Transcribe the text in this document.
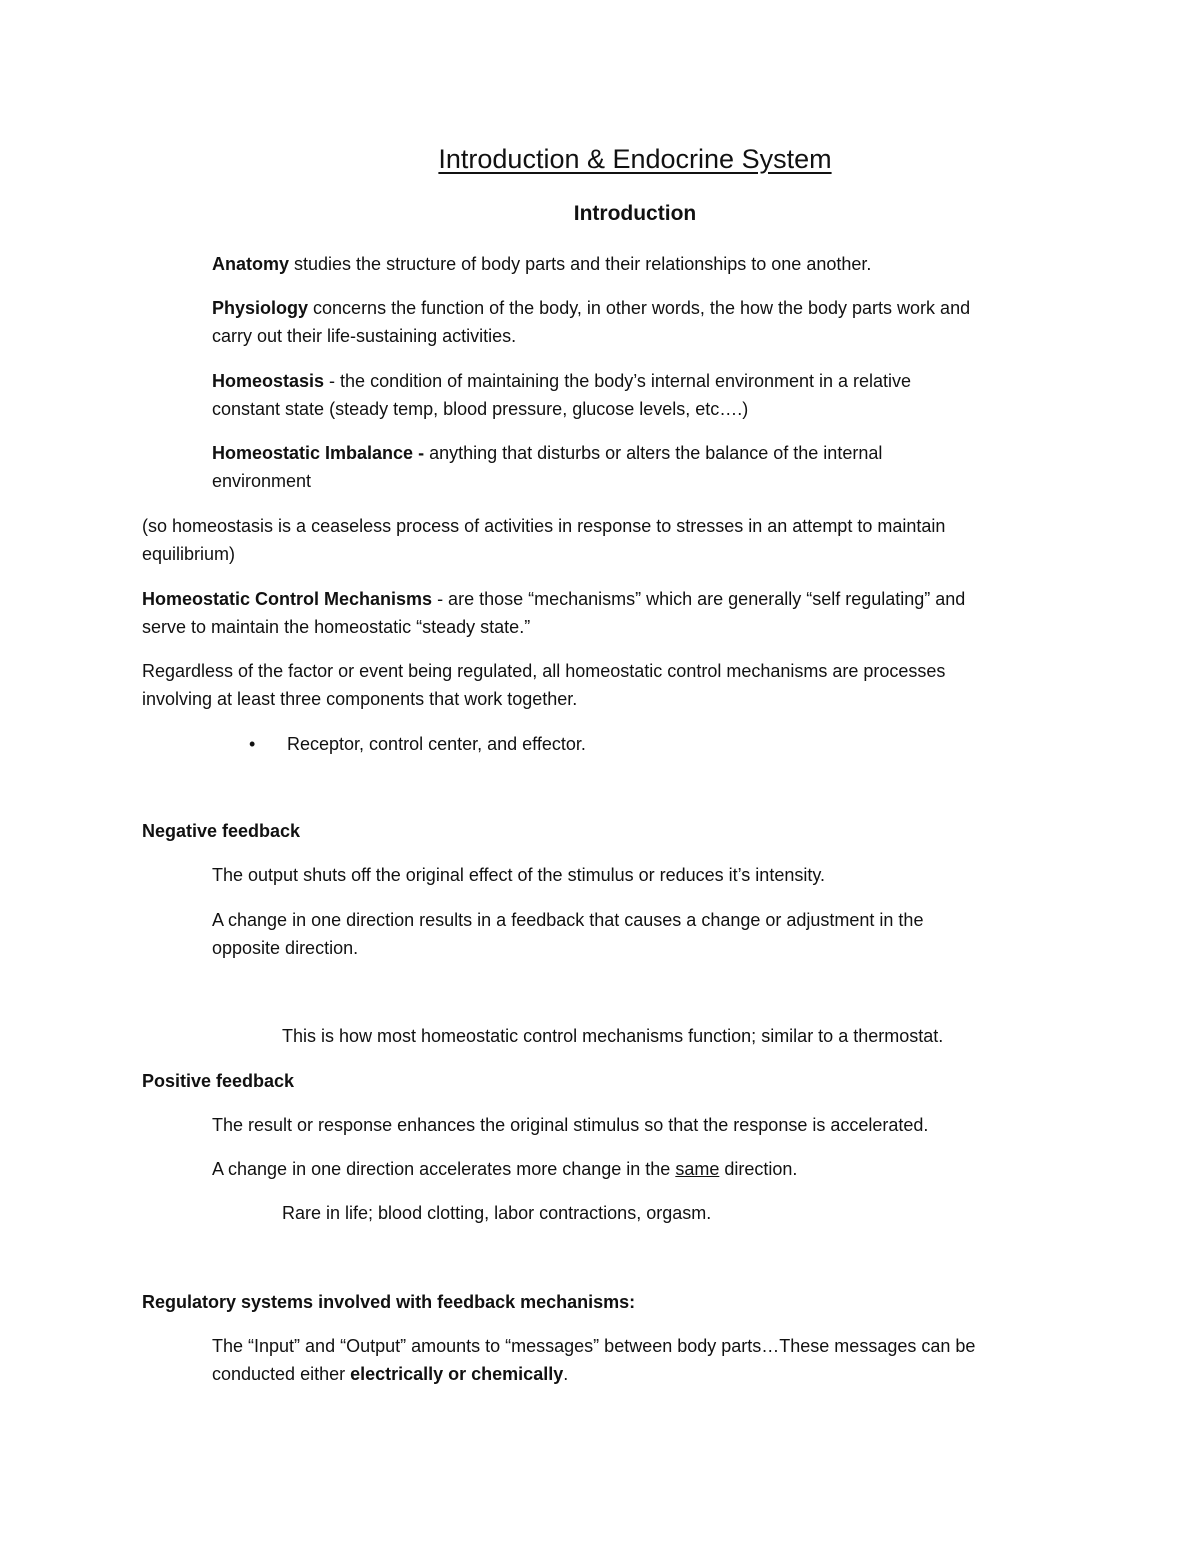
Introduction & Endocrine System
Introduction
Anatomy studies the structure of body parts and their relationships to one another.
Physiology concerns the function of the body, in other words, the how the body parts work and
carry out their life-sustaining activities.
Homeostasis - the condition of maintaining the body’s internal environment in a relative
constant state (steady temp, blood pressure, glucose levels, etc….)
Homeostatic Imbalance - anything that disturbs or alters the balance of the internal
environment
(so homeostasis is a ceaseless process of activities in response to stresses in an attempt to maintain
equilibrium)
Homeostatic Control Mechanisms - are those “mechanisms” which are generally “self regulating” and
serve to maintain the homeostatic “steady state.”
Regardless of the factor or event being regulated, all homeostatic control mechanisms are processes
involving at least three components that work together.
• Receptor, control center, and effector.
Negative feedback
The output shuts off the original effect of the stimulus or reduces it’s intensity.
A change in one direction results in a feedback that causes a change or adjustment in the
opposite direction.
This is how most homeostatic control mechanisms function; similar to a thermostat.
Positive feedback
The result or response enhances the original stimulus so that the response is accelerated.
A change in one direction accelerates more change in the same direction.
Rare in life; blood clotting, labor contractions, orgasm.
Regulatory systems involved with feedback mechanisms:
The “Input” and “Output” amounts to “messages” between body parts…These messages can be
conducted either electrically or chemically.
